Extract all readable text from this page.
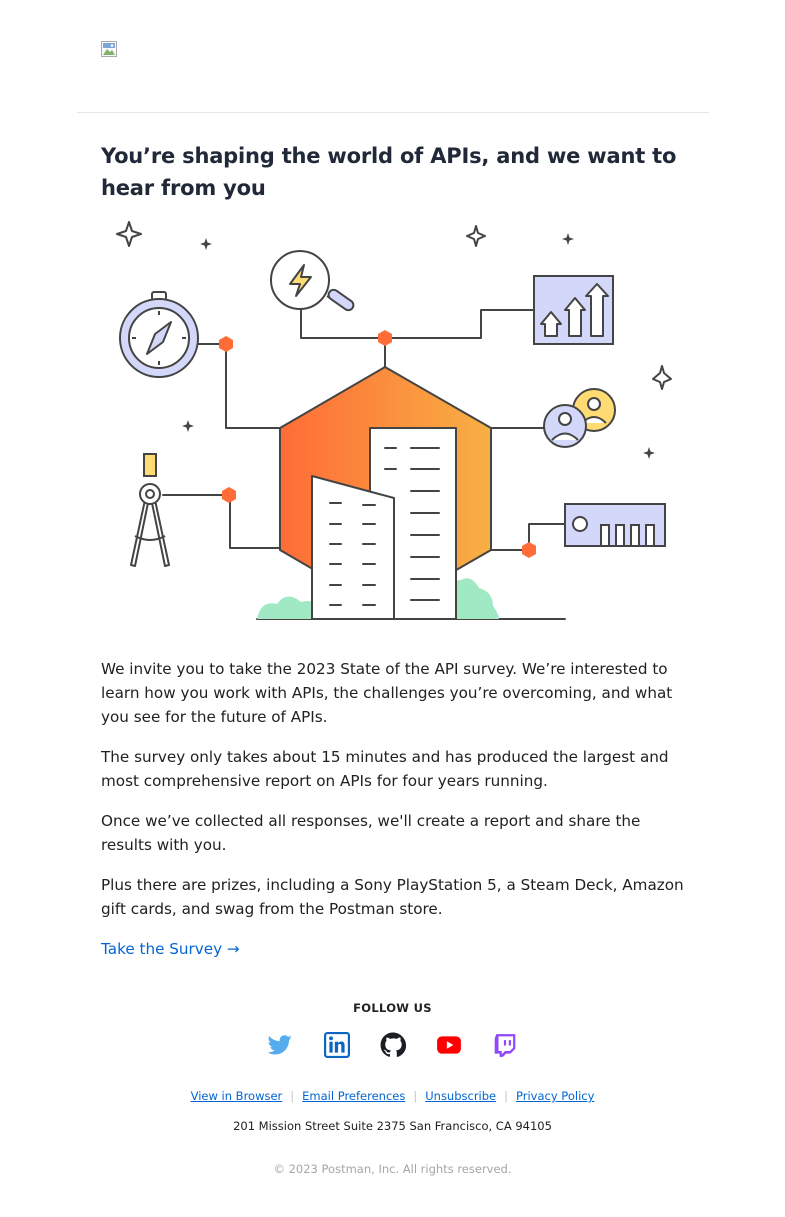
You’re shaping the world of APIs, and we want to hear from you

We invite you to take the 2023 State of the API survey. We’re interested to learn how you work with APIs, the challenges you’re overcoming, and what you see for the future of APIs.

The survey only takes about 15 minutes and has produced the largest and most comprehensive report on APIs for four years running.

Once we’ve collected all responses, we'll create a report and share the results with you.

Plus there are prizes, including a Sony PlayStation 5, a Steam Deck, Amazon gift cards, and swag from the Postman store.

Take the Survey →
FOLLOW US
View in Browser | Email Preferences | Unsubscribe | Privacy Policy
201 Mission Street Suite 2375 San Francisco, CA 94105
© 2023 Postman, Inc. All rights reserved.
